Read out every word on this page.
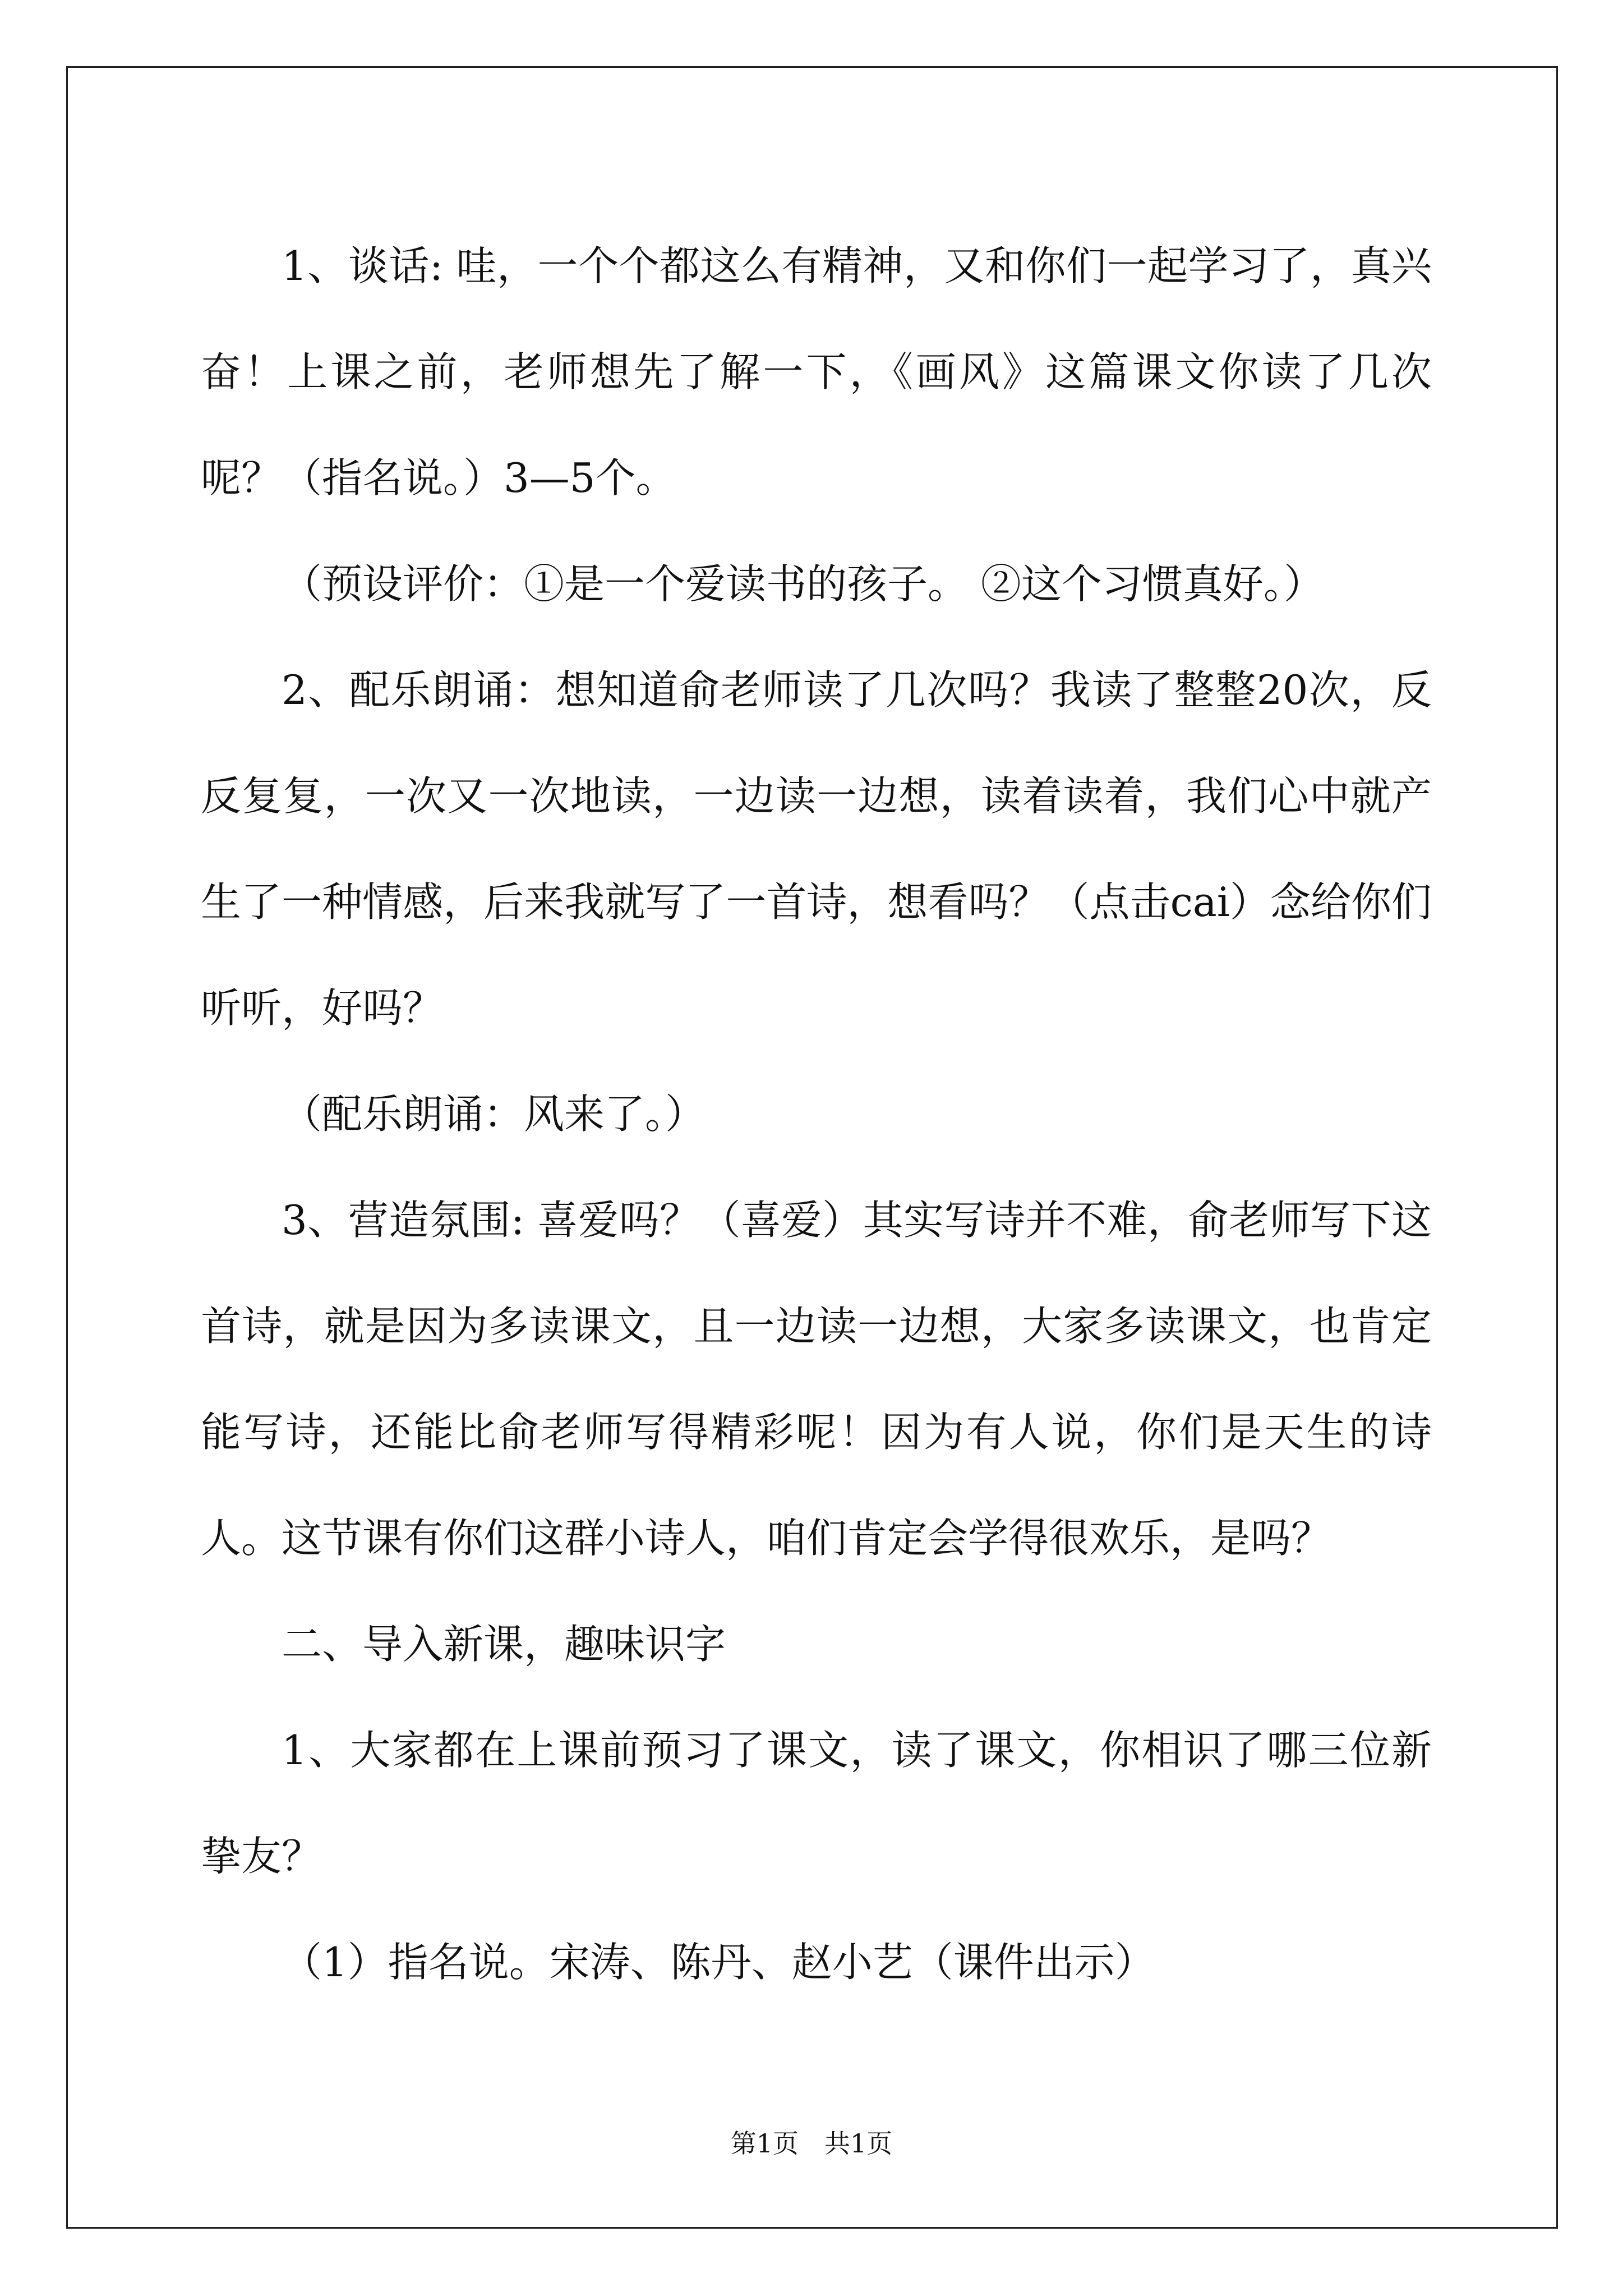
1、谈话: 哇，一个个都这么有精神，又和你们一起学习了，真兴奋！上课之前，老师想先了解一下，《画风》这篇课文你读了几次呢？（指名说。）3—5个。

（预设评价：①是一个爱读书的孩子。 ②这个习惯真好。）

2、配乐朗诵：想知道俞老师读了几次吗？我读了整整20次，反反复复，一次又一次地读，一边读一边想，读着读着，我们心中就产生了一种情感，后来我就写了一首诗，想看吗？（点击cai）念给你们听听，好吗？

（配乐朗诵：风来了。）

3、营造氛围: 喜爱吗？（喜爱）其实写诗并不难，俞老师写下这首诗，就是因为多读课文，且一边读一边想，大家多读课文，也肯定能写诗，还能比俞老师写得精彩呢！因为有人说，你们是天生的诗人。这节课有你们这群小诗人，咱们肯定会学得很欢乐，是吗？

二、导入新课，趣味识字

1、大家都在上课前预习了课文，读了课文，你相识了哪三位新挚友？

（1）指名说。宋涛、陈丹、赵小艺（课件出示）

第1页　共1页
